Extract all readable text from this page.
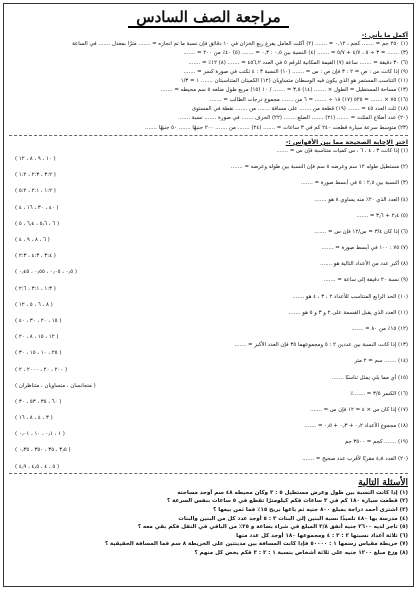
مراجعة الصف السادس
أكمل ما يأتي :-
(١) ٢٥٠ جم = ....... كجم ، ٠,١٢ = ....... (٢) أكلت العامل يفرغ ربع الخزان في ١٠ دقائق فإن نسبة ما تم انجازه = ....... مترًا بمعدل ....... في الساعة
(٣) ....... = ٣ ÷ ٥ ، ٤/٧ + ٥/٧ = ....... (٤) النسبة بين ٠,٥ : ٠,٣ = ....... (٥) ٤٠٪ من ٢٠٠ = .......
(٦) ٣٠ دقيقة = ....... ساعة (٧) القيمة المكانية للرقم ٥ في العدد ٤٥٦,٢ = ....... (٨) ١٢٪ = .......
(٩) إذا كانت س : ص = ٢ : ٣ فإن ص : س = ....... (١٠) النسبة ٣ : ٤ تكتب في صورة كسر = .......
(١١) التناسب المستمر هو الذي يكون فيه الوسطان متساويان (١٢) الكميتان المتناسبتان ....... ١ = ١/٣
(١٣) مساحة المستطيل = الطول × ....... (١٤) ٣,٥ = ....... / ١٠ (١٥) مربع طول ضلعه ٥ سم محيطه = .......
(١٦) ٧٥ × ....... = ٥٢٥ (١٧) ١٨ ÷ ....... = ٦ من ....... مجموع درجات الطالب = .......
(١٨) ثلث العدد ٤٥ = ....... (١٩) قطعة من ....... على مسافة ....... من ....... نقطة في المستوى
(٢٠) عدد أضلاع المثلث = ....... (٢١) ....... الضلع ....... (٢٢) الحرف ....... في صورة ....... نسبة .......
(٢٣) متوسط سرعة سيارة قطعت ٢٤٠ كم في ٣ ساعات = ....... (٢٤) ....... من ....... ٢٠٠ جنيهًا ....... ٥٠ جنيهًا .......
اختر الإجابة الصحيحة مما بين الأقواس :-
(١) إذا كانت ٣ ، ٤ ، ٦ ، س كميات متناسبة فإن س = .......
( ١٠ ، ٩ ، ٨ ، ١٢ )
(٢) مستطيل طوله ١٢ سم وعرضه ٨ سم فإن النسبة بين طوله وعرضه = .......
( ٣:٢ ، ٢:٣ ، ١:٢ )
(٣) النسبة بين ٢,٥ : ٥ في أبسط صورة = .......
( ١:٢ ، ٢:١ ، ٥:٢ )
(٤) العدد الذي ٢٠٪ منه يساوي ٨ هو .......
( ٤٠ ، ٣٠ ، ١٦ ، ٤ )
(٥) ٢٫٤ + ٣٫٦ = .......
( ٦ ، ٥٫٦ ، ٦٫٤ ، ٥ )
(٦) إذا كان ٣/٤ = س/١٢ فإن س = .......
( ٦ ، ٨ ، ٩ ، ٤ )
(٧) ٧٥ : ١٠٠ في أبسط صورة = .......
( ٣:٤ ، ٤:٣ ، ٢:٣ )
(٨) أكبر عدد من الأعداد التالية هو .......
( ٠٫٥ ، ٠٫٠٥ ، ٠٫٥٥ ، ٠٫٤٥ )
(٩) نسبة ٢٠ دقيقة إلى ساعة = .......
( ١:٣ ، ٣:١ ، ٢:٦ )
(١٠) الحد الرابع المتناسب للأعداد ٢ ، ٣ ، ٤ هو .......
( ٨ ، ٦ ، ٥ ، ١٢ )
(١١) العدد الذي يقبل القسمة على ٢ و ٣ و ٥ هو .......
( ١٥ ، ٢٠ ، ٣٠ ، ٤٠ )
(١٢) ١٥٪ من ٨٠ = .......
( ١٢ ، ١٥ ، ٨ ، ٢٠ )
(١٣) إذا كانت النسبة بين عددين ٢ : ٥ ومجموعهما ٣٥ فإن العدد الأكبر = .......
( ٢٥ ، ١٠ ، ١٥ ، ٣٠ )
(١٤) ....... سم = ٢ متر
( ٢٠٠ ، ٢٠ ، ٢٠٠٠ ، ٢ )
(١٥) أي مما يلي يمثل تناسبًا .......
( متجانسان ، متساويان ، متناظران )
(١٦) الكسر ٣/٥ = .......٪
( ٦٠ ، ٣٥ ، ٥٣ ، ٣٠ )
(١٧) إذا كان س × ٤ = ١٢ فإن س = .......
( ٣ ، ٤ ، ٨ ، ١٦ )
(١٨) مجموع الأعداد ٠٫٢ + ٠٫٣ + ٠٫٥ = .......
( ١ ، ٠٫١ ، ١٠ ، ٠٫٠١ )
(١٩) ....... كجم = ٣٥٠٠ جم
( ٣٫٥ ، ٣٥ ، ٣٥٠ ، ٠٫٣٥ )
(٢٠) العدد ٤٫٨ مقربًا لأقرب عدد صحيح = .......
( ٥ ، ٤ ، ٤٫٥ ، ٤٫٩ )
الأسئلة التالية
(١) إذا كانت النسبة بين طول وعرض مستطيل ٥ : ٣ وكان محيطه ٤٨ سم أوجد مساحته
(٢) قطعت سيارة ١٨٠ كم في ٣ ساعات فكم كيلومترًا تقطع في ٥ ساعات بنفس السرعة ؟
(٣) اشترى أحمد دراجة بمبلغ ٨٠٠ جنيه ثم باعها بربح ١٥٪ فما ثمن بيعها ؟
(٤) مدرسة بها ٤٨٠ تلميذًا نسبة البنين إلى البنات ٣ : ٥ أوجد عدد كل من البنين والبنات
(٥) تاجر لديه ٣٦٠٠ جنيه أنفق ٣/٨ المبلغ في شراء بضاعة و ٢٥٪ من الباقي في النقل فكم بقي معه ؟
(٦) ثلاثة أعداد نسبتها ٢ : ٣ : ٤ ومجموعها ١٨٠ أوجد كل عدد منها
(٧) خريطة مقياس رسمها ١ : ٥٠٠٠٠ فإذا كانت المسافة بين مدينتين على الخريطة ٨ سم فما المسافة الحقيقية ؟
(٨) وزع مبلغ ١٢٠٠ جنيه على ثلاثة أشخاص بنسبة ١ : ٢ : ٣ فكم يخص كل منهم ؟
